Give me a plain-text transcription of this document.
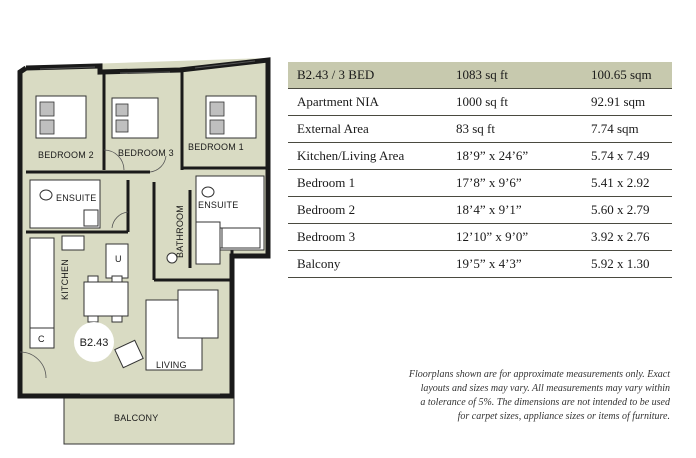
BEDROOM 2	BEDROOM 3
BEDROOM 1
ENSUITE
ENSUITE
BATHROOM
KITCHEN
LIVING
BALCONY
U
C	B2.43
B2.43 / 3 BED	1083 sq ft	100.65 sqm
Apartment NIA	1000 sq ft	92.91 sqm
External Area	83 sq ft	7.74 sqm
Kitchen/Living Area	18’9” x 24’6”	5.74 x 7.49
Bedroom 1	17’8” x 9’6”	5.41 x 2.92
Bedroom 2	18’4” x 9’1”	5.60 x 2.79
Bedroom 3	12’10” x 9’0”	3.92 x 2.76
Balcony	19’5” x 4’3”	5.92 x 1.30
Floorplans shown are for approximate measurements only. Exact
layouts and sizes may vary. All measurements may vary within
a tolerance of 5%. The dimensions are not intended to be used
for carpet sizes, appliance sizes or items of furniture.
